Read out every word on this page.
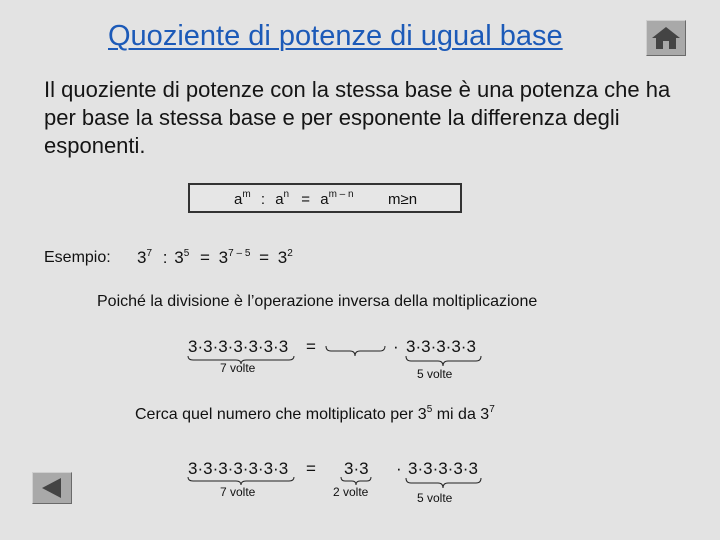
Quoziente di potenze di ugual base
Il quoziente di potenze con la stessa base è una potenza che ha per base la stessa base e per esponente la differenza degli esponenti.
$a^m$ : $a^n = a^{m - n}$ m≥n
Esempio: $3^7$ : $3^5 = 3^{7 - 5} = 3^2$
Poiché la divisione è l’operazione inversa della moltiplicazione
3·3·3·3·3·3·3 =	· 3·3·3·3·3
7 volte	5 volte
Cerca quel numero che moltiplicato per $3^5$ mi da $3^7$
3·3·3·3·3·3·3 = 3·3 · 3·3·3·3·3
7 volte	2 volte	5 volte
